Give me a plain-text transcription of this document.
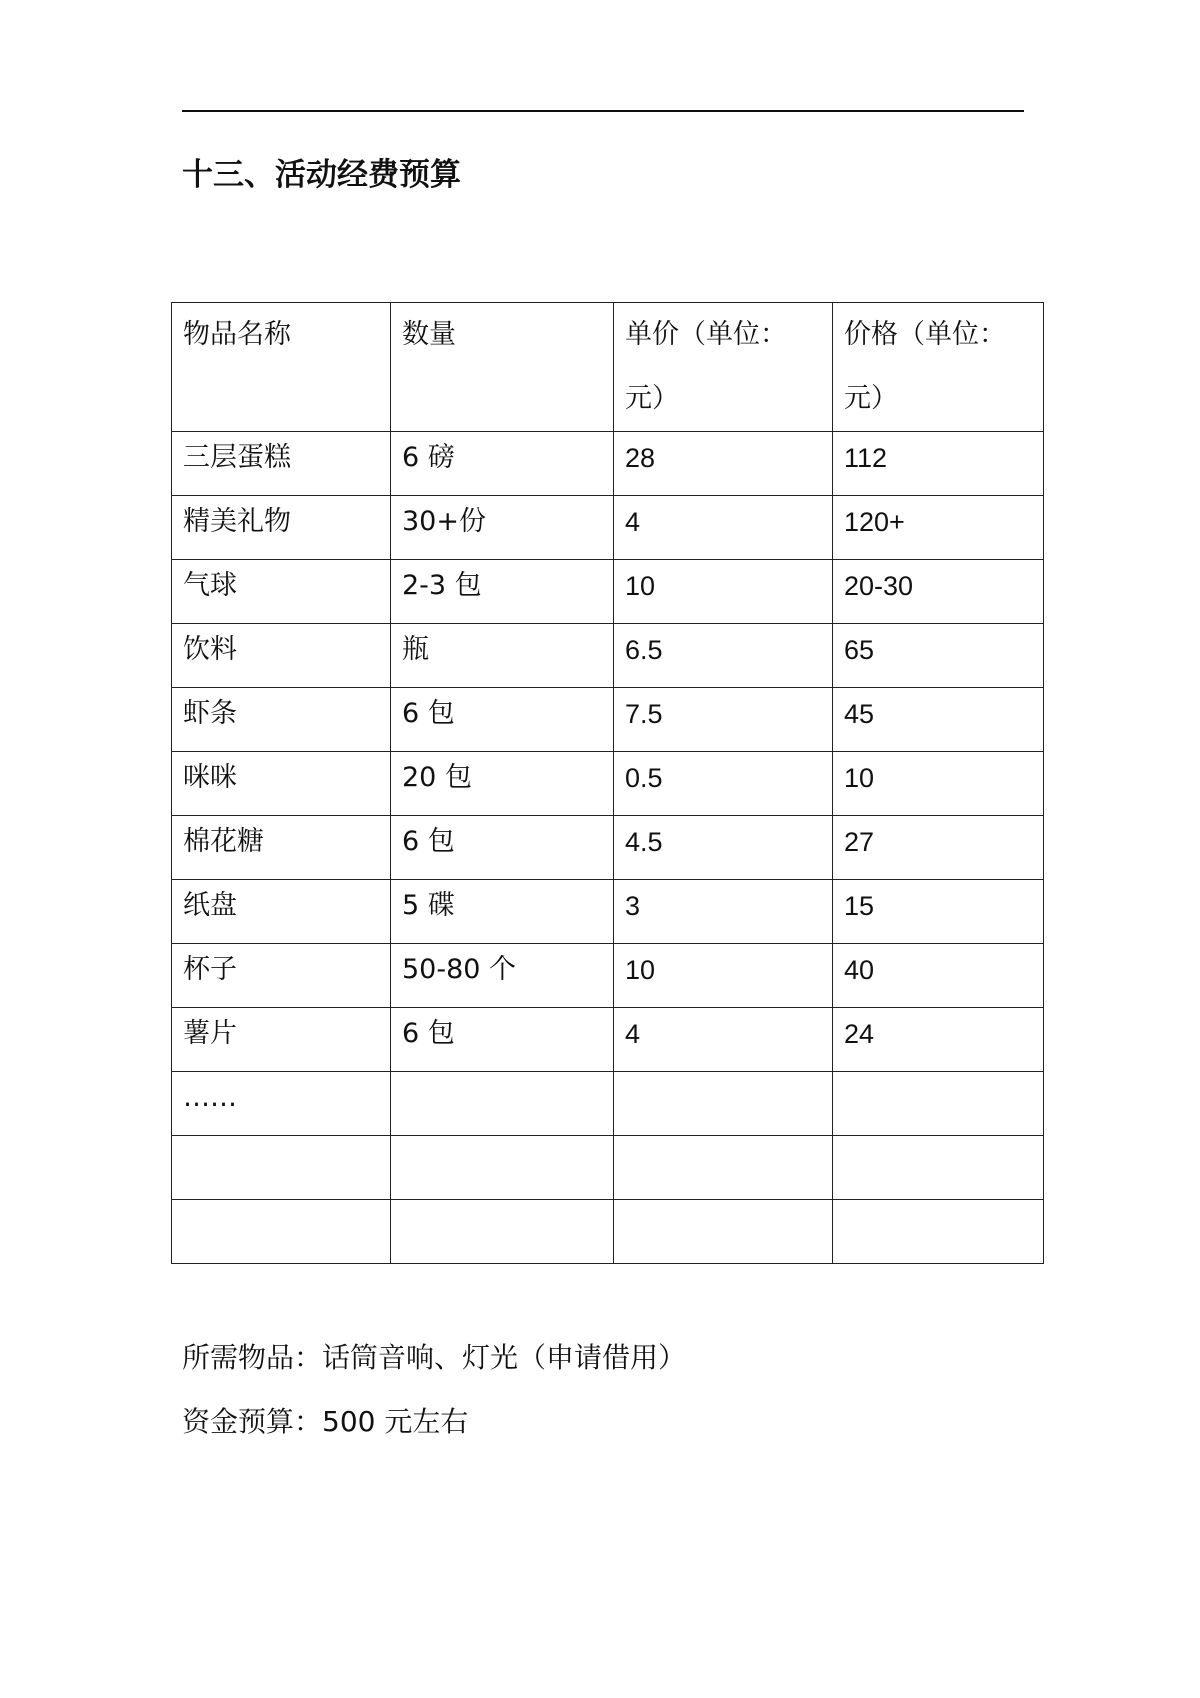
十三、活动经费预算
物品名称	数量	单价（单位：元）	价格（单位：元）
三层蛋糕	6 磅	28	112
精美礼物	30+份	4	120+
气球	2-3 包	10	20-30
饮料	瓶	6.5	65
虾条	6 包	7.5	45
咪咪	20 包	0.5	10
棉花糖	6 包	4.5	27
纸盘	5 碟	3	15
杯子	50-80 个	10	40
薯片	6 包	4	24
……			

所需物品：话筒音响、灯光（申请借用）

资金预算：500 元左右
